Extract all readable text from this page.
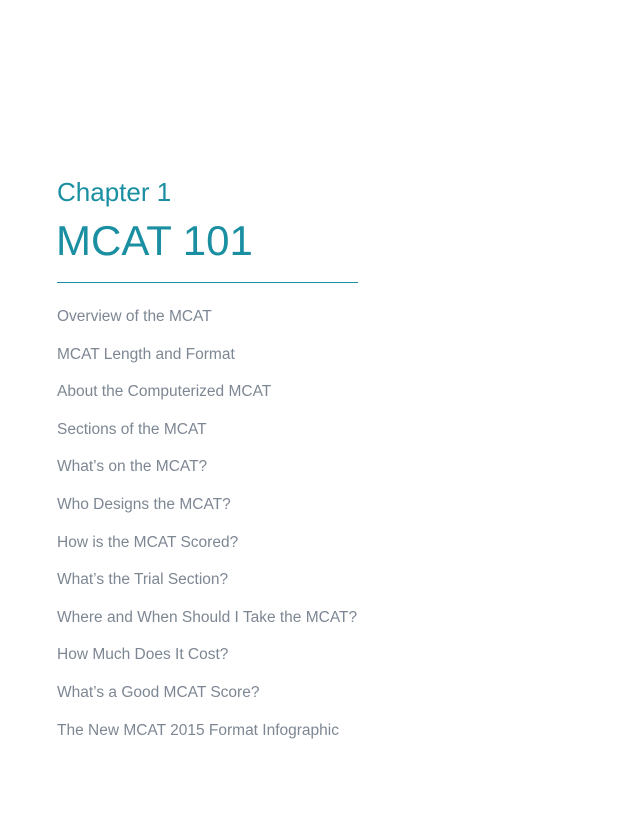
Chapter 1
MCAT 101
Overview of the MCAT
MCAT Length and Format
About the Computerized MCAT
Sections of the MCAT
What’s on the MCAT?
Who Designs the MCAT?
How is the MCAT Scored?
What’s the Trial Section?
Where and When Should I Take the MCAT?
How Much Does It Cost?
What’s a Good MCAT Score?
The New MCAT 2015 Format Infographic
